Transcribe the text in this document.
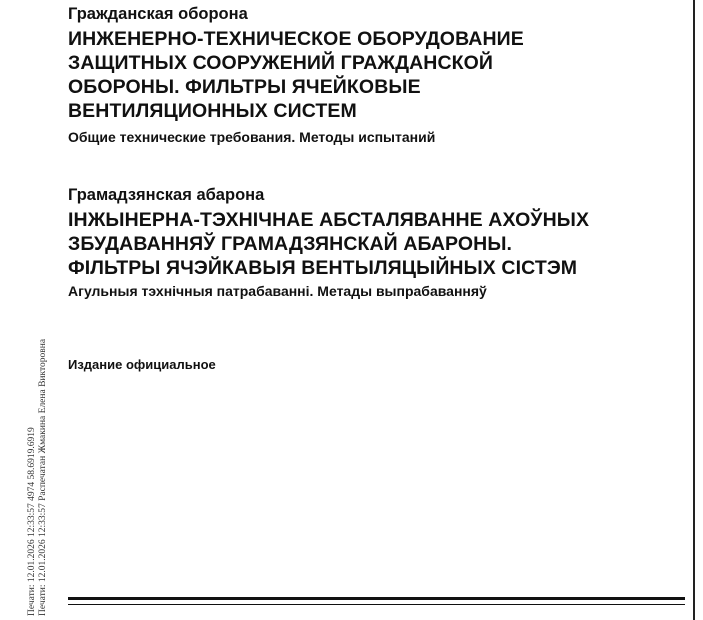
Печати: 12.01.2026 12:33:57 4974 58.6919.6919 Печати: 12.01.2026 12:33:57 Распечатан Жмакина Елена Викторовна

Гражданская оборона

ИНЖЕНЕРНО-ТЕХНИЧЕСКОЕ ОБОРУДОВАНИЕ
ЗАЩИТНЫХ СООРУЖЕНИЙ ГРАЖДАНСКОЙ
ОБОРОНЫ. ФИЛЬТРЫ ЯЧЕЙКОВЫЕ
ВЕНТИЛЯЦИОННЫХ СИСТЕМ

Общие технические требования. Методы испытаний

Грамадзянская абарона

ІНЖЫНЕРНА-ТЭХНІЧНАЕ АБСТАЛЯВАННЕ АХОЎНЫХ
ЗБУДАВАННЯЎ ГРАМАДЗЯНСКАЙ АБАРОНЫ.
ФІЛЬТРЫ ЯЧЭЙКАВЫЯ ВЕНТЫЛЯЦЫЙНЫХ СІСТЭМ

Агульныя тэхнічныя патрабаванні. Метады выпрабаванняў

Издание официальное
